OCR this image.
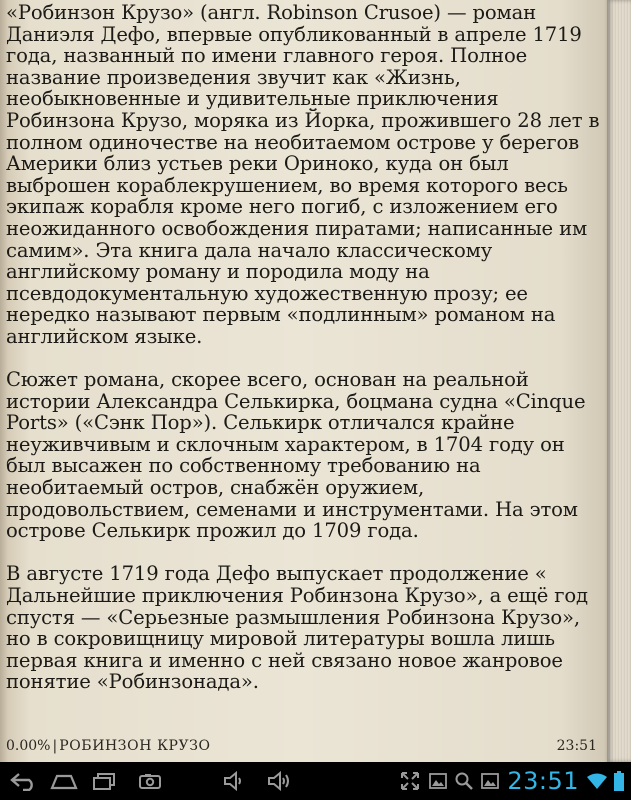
«Робинзон Крузо» (англ. Robinson Crusoe) — роман Даниэля Дефо, впервые опубликованный в апреле 1719 года, названный по имени главного героя. Полное название произведения звучит как «Жизнь, необыкновенные и удивительные приключения Робинзона Крузо, моряка из Йорка, прожившего 28 лет в полном одиночестве на необитаемом острове у берегов Америки близ устьев реки Ориноко, куда он был выброшен кораблекрушением, во время которого весь экипаж корабля кроме него погиб, с изложением его неожиданного освобождения пиратами; написанные им самим». Эта книга дала начало классическому английскому роману и породила моду на псевдодокументальную художественную прозу; ее нередко называют первым «подлинным» романом на английском языке.

Сюжет романа, скорее всего, основан на реальной истории Александра Селькирка, боцмана судна «Cinque Ports» («Сэнк Пор»). Селькирк отличался крайне неуживчивым и склочным характером, в 1704 году он был высажен по собственному требованию на необитаемый остров, снабжён оружием, продовольствием, семенами и инструментами. На этом острове Селькирк прожил до 1709 года.

В августе 1719 года Дефо выпускает продолжение « Дальнейшие приключения Робинзона Крузо», а ещё год спустя — «Серьезные размышления Робинзона Крузо», но в сокровищницу мировой литературы вошла лишь первая книга и именно с ней связано новое жанровое понятие «Робинзонада».

0.00% | РОБИНЗОН КРУЗО	23:51
23:51
